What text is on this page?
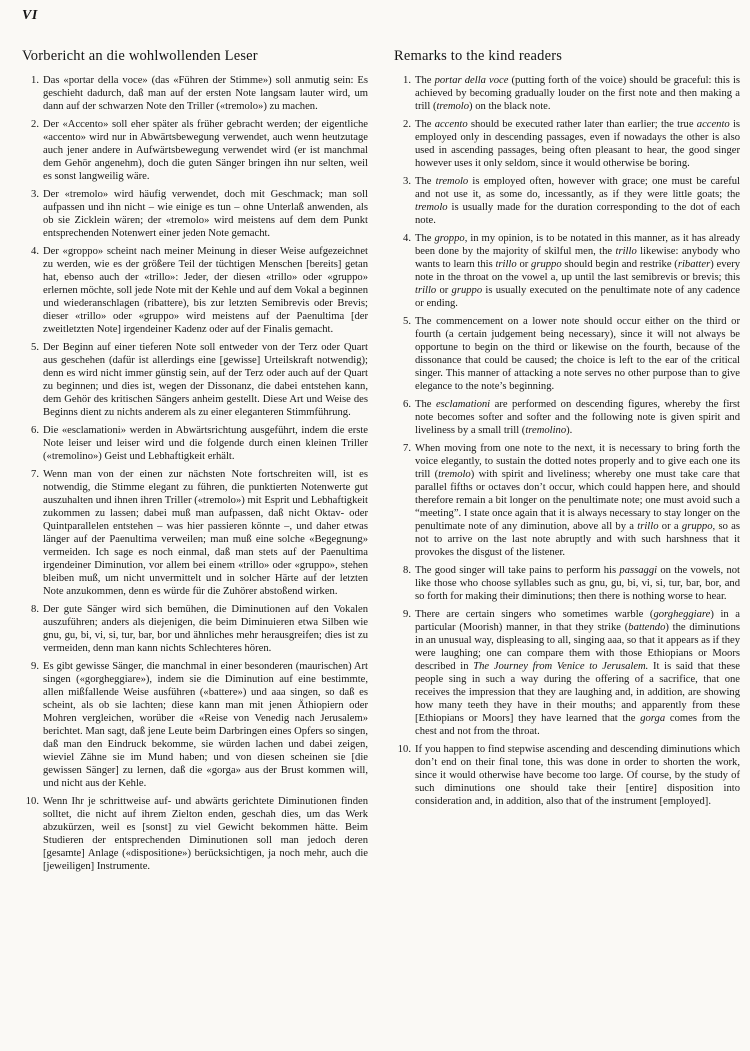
VI
Vorbericht an die wohlwollenden Leser
1. Das «portar della voce» (das «Führen der Stimme») soll anmutig sein: Es geschieht dadurch, daß man auf der ersten Note langsam lauter wird, um dann auf der schwarzen Note den Triller («tremolo») zu machen.
2. Der «Accento» soll eher später als früher gebracht werden; der eigentliche «accento» wird nur in Abwärtsbewegung verwendet, auch wenn heutzutage auch jener andere in Aufwärtsbewegung verwendet wird (er ist manchmal dem Gehör angenehm), doch die guten Sänger bringen ihn nur selten, weil es sonst langweilig wäre.
3. Der «tremolo» wird häufig verwendet, doch mit Geschmack; man soll aufpassen und ihn nicht – wie einige es tun – ohne Unterlaß anwenden, als ob sie Zicklein wären; der «tremolo» wird meistens auf dem dem Punkt entsprechenden Notenwert einer jeden Note gemacht.
4. Der «groppo» scheint nach meiner Meinung in dieser Weise aufgezeichnet zu werden, wie es der größere Teil der tüchtigen Menschen [bereits] getan hat, ebenso auch der «trillo»: Jeder, der diesen «trillo» oder «gruppo» erlernen möchte, soll jede Note mit der Kehle und auf dem Vokal a beginnen und wiederanschlagen (ribattere), bis zur letzten Semibrevis oder Brevis; dieser «trillo» oder «gruppo» wird meistens auf der Paenultima [der zweitletzten Note] irgendeiner Kadenz oder auf der Finalis gemacht.
5. Der Beginn auf einer tieferen Note soll entweder von der Terz oder Quart aus geschehen (dafür ist allerdings eine [gewisse] Urteilskraft notwendig); denn es wird nicht immer günstig sein, auf der Terz oder auch auf der Quart zu beginnen; und dies ist, wegen der Dissonanz, die dabei entstehen kann, dem Gehör des kritischen Sängers anheim gestellt. Diese Art und Weise des Beginns dient zu nichts anderem als zu einer eleganteren Stimmführung.
6. Die «esclamationi» werden in Abwärtsrichtung ausgeführt, indem die erste Note leiser und leiser wird und die folgende durch einen kleinen Triller («tremolino») Geist und Lebhaftigkeit erhält.
7. Wenn man von der einen zur nächsten Note fortschreiten will, ist es notwendig, die Stimme elegant zu führen, die punktierten Notenwerte gut auszuhalten und ihnen ihren Triller («tremolo») mit Esprit und Lebhaftigkeit zukommen zu lassen; dabei muß man aufpassen, daß nicht Oktav- oder Quintparallelen entstehen – was hier passieren könnte –, und daher etwas länger auf der Paenultima verweilen; man muß eine solche «Begegnung» vermeiden. Ich sage es noch einmal, daß man stets auf der Paenultima irgendeiner Diminution, vor allem bei einem «trillo» oder «gruppo», stehen bleiben muß, um nicht unvermittelt und in solcher Härte auf der letzten Note anzukommen, denn es würde für die Zuhörer abstoßend wirken.
8. Der gute Sänger wird sich bemühen, die Diminutionen auf den Vokalen auszuführen; anders als diejenigen, die beim Diminuieren etwa Silben wie gnu, gu, bi, vi, si, tur, bar, bor und ähnliches mehr herausgreifen; dies ist zu vermeiden, denn man kann nichts Schlechteres hören.
9. Es gibt gewisse Sänger, die manchmal in einer besonderen (maurischen) Art singen («gorgheggiare»), indem sie die Diminution auf eine bestimmte, allen mißfallende Weise ausführen («battere») und aaa singen, so daß es scheint, als ob sie lachten; diese kann man mit jenen Äthiopiern oder Mohren vergleichen, worüber die «Reise von Venedig nach Jerusalem» berichtet. Man sagt, daß jene Leute beim Darbringen eines Opfers so singen, daß man den Eindruck bekomme, sie würden lachen und dabei zeigen, wieviel Zähne sie im Mund haben; und von diesen scheinen sie [die gewissen Sänger] zu lernen, daß die «gorga» aus der Brust kommen will, und nicht aus der Kehle.
10. Wenn Ihr je schrittweise auf- und abwärts gerichtete Diminutionen finden solltet, die nicht auf ihrem Zielton enden, geschah dies, um das Werk abzukürzen, weil es [sonst] zu viel Gewicht bekommen hätte. Beim Studieren der entsprechenden Diminutionen soll man jedoch deren [gesamte] Anlage («dispositione») berücksichtigen, ja noch mehr, auch die [jeweiligen] Instrumente.
Remarks to the kind readers
1. The portar della voce (putting forth of the voice) should be graceful: this is achieved by becoming gradually louder on the first note and then making a trill (tremolo) on the black note.
2. The accento should be executed rather later than earlier; the true accento is employed only in descending passages, even if nowadays the other is also used in ascending passages, being often pleasant to hear, the good singer however uses it only seldom, since it would otherwise be boring.
3. The tremolo is employed often, however with grace; one must be careful and not use it, as some do, incessantly, as if they were little goats; the tremolo is usually made for the duration corresponding to the dot of each note.
4. The groppo, in my opinion, is to be notated in this manner, as it has already been done by the majority of skilful men, the trillo likewise: anybody who wants to learn this trillo or gruppo should begin and restrike (ribatter) every note in the throat on the vowel a, up until the last semibrevis or brevis; this trillo or gruppo is usually executed on the penultimate note of any cadence or ending.
5. The commencement on a lower note should occur either on the third or fourth (a certain judgement being necessary), since it will not always be opportune to begin on the third or likewise on the fourth, because of the dissonance that could be caused; the choice is left to the ear of the critical singer. This manner of attacking a note serves no other purpose than to give elegance to the note’s beginning.
6. The esclamationi are performed on descending figures, whereby the first note becomes softer and softer and the following note is given spirit and liveliness by a small trill (tremolino).
7. When moving from one note to the next, it is necessary to bring forth the voice elegantly, to sustain the dotted notes properly and to give each one its trill (tremolo) with spirit and liveliness; whereby one must take care that parallel fifths or octaves don’t occur, which could happen here, and should therefore remain a bit longer on the penultimate note; one must avoid such a “meeting”. I state once again that it is always necessary to stay longer on the penultimate note of any diminution, above all by a trillo or a gruppo, so as not to arrive on the last note abruptly and with such harshness that it provokes the disgust of the listener.
8. The good singer will take pains to perform his passaggi on the vowels, not like those who choose syllables such as gnu, gu, bi, vi, si, tur, bar, bor, and so forth for making their diminutions; then there is nothing worse to hear.
9. There are certain singers who sometimes warble (gorgheggiare) in a particular (Moorish) manner, in that they strike (battendo) the diminutions in an unusual way, displeasing to all, singing aaa, so that it appears as if they were laughing; one can compare them with those Ethiopians or Moors described in The Journey from Venice to Jerusalem. It is said that these people sing in such a way during the offering of a sacrifice, that one receives the impression that they are laughing and, in addition, are showing how many teeth they have in their mouths; and apparently from these [Ethiopians or Moors] they have learned that the gorga comes from the chest and not from the throat.
10. If you happen to find stepwise ascending and descending diminutions which don’t end on their final tone, this was done in order to shorten the work, since it would otherwise have become too large. Of course, by the study of such diminutions one should take their [entire] disposition into consideration and, in addition, also that of the instrument [employed].
